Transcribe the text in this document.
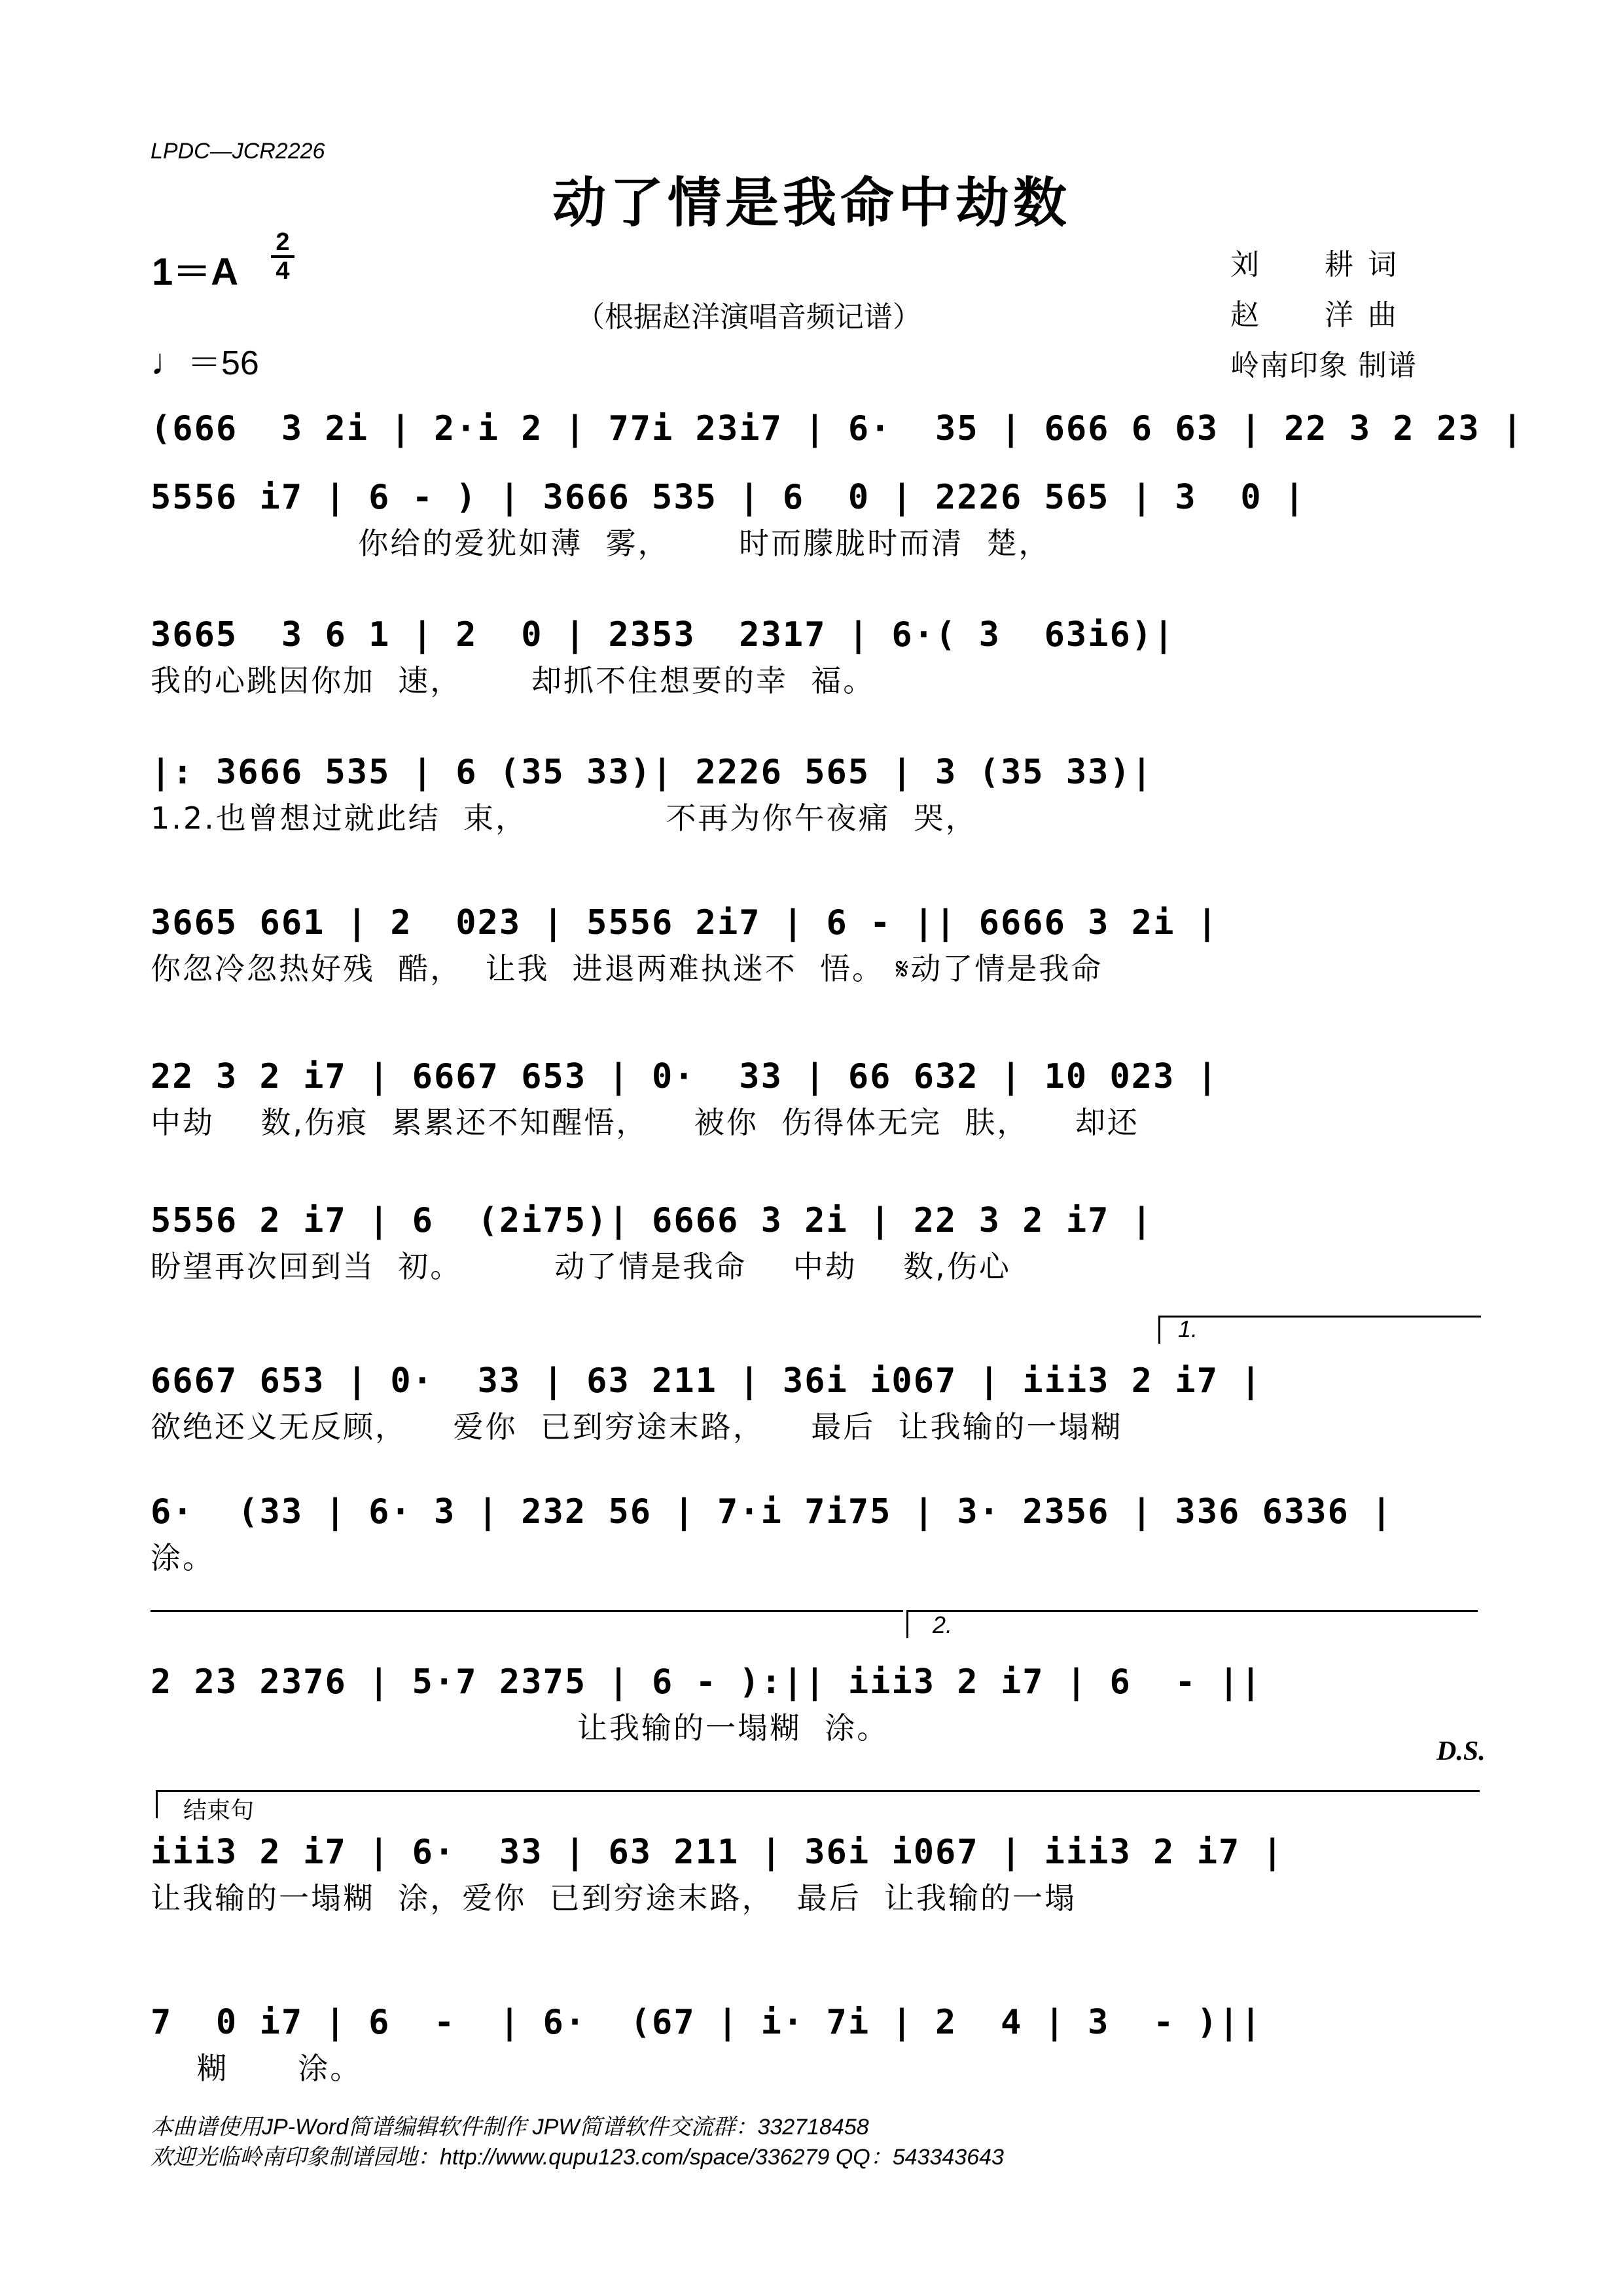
LPDC—JCR2226
动了情是我命中劫数
1＝A
2
4
♩＝56
（根据赵洋演唱音频记谱）
刘　　耕 词
赵　　洋 曲
岭南印象 制谱
(666  3 2i | 2·i 2 | 77i 23i7 | 6·  35 | 666 6 63 | 22 3 2 23 |
5556 i7 | 6 - ) | 3666 535 | 6  0 | 2226 565 | 3  0 |
你给的爱犹如薄  雾，      时而朦胧时而清  楚，
3665  3 6 1 | 2  0 | 2353  2317 | 6·( 3  63i6)|
我的心跳因你加  速，      却抓不住想要的幸  福。
|: 3666 535 | 6 (35 33)| 2226 565 | 3 (35 33)|
1.2.也曾想过就此结  束，            不再为你午夜痛  哭，
3665 661 | 2  023 | 5556 2i7 | 6 - || 6666 3 2i |
你忽冷忽热好残  酷，  让我  进退两难执迷不  悟。 𝄋动了情是我命
22 3 2 i7 | 6667 653 | 0·  33 | 66 632 | 10 023 |
中劫    数,伤痕  累累还不知醒悟，    被你  伤得体无完  肤，    却还
5556 2 i7 | 6  (2i75)| 6666 3 2i | 22 3 2 i7 |
盼望再次回到当  初。        动了情是我命    中劫    数,伤心
1.
6667 653 | 0·  33 | 63 211 | 36i i067 | iii3 2 i7 |
欲绝还义无反顾，    爱你  已到穷途末路，    最后  让我输的一塌糊
6·  (33 | 6· 3 | 232 56 | 7·i 7i75 | 3· 2356 | 336 6336 |
涂。
2.
2 23 2376 | 5·7 2375 | 6 - ):|| iii3 2 i7 | 6  - ||
让我输的一塌糊  涂。
D.S.
结束句
iii3 2 i7 | 6·  33 | 63 211 | 36i i067 | iii3 2 i7 |
让我输的一塌糊  涂，爱你  已到穷途末路，  最后  让我输的一塌
7  0 i7 | 6  -  | 6·  (67 | i· 7i | 2  4 | 3  - )||
糊      涂。
本曲谱使用JP-Word简谱编辑软件制作 JPW简谱软件交流群：332718458
欢迎光临岭南印象制谱园地：http://www.qupu123.com/space/336279 QQ：543343643
